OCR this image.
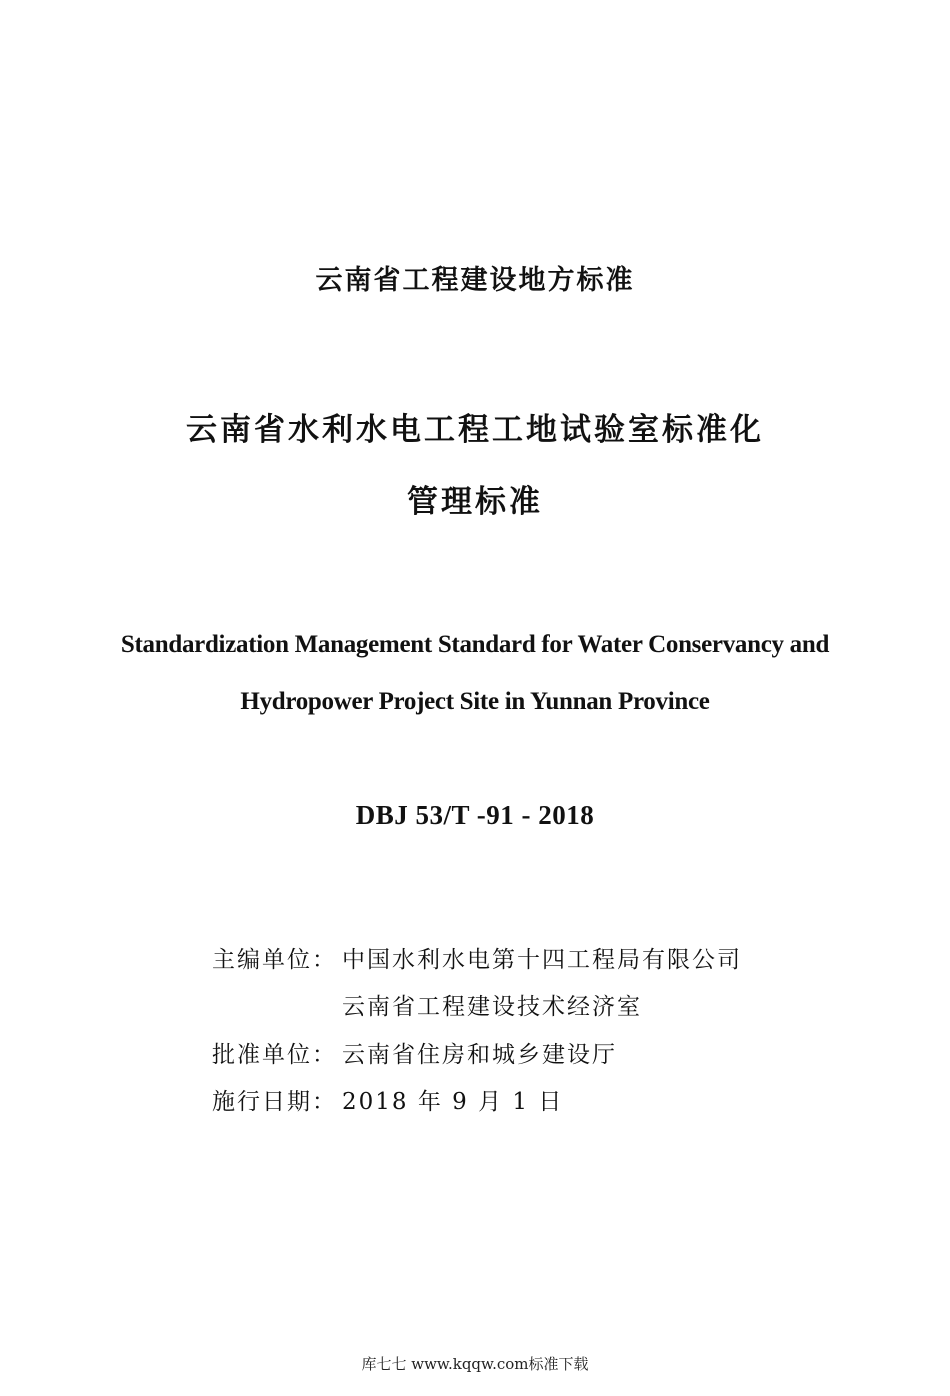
云南省工程建设地方标准
云南省水利水电工程工地试验室标准化
管理标准
Standardization Management Standard for Water Conservancy and
Hydropower Project Site in Yunnan Province
DBJ 53/T -91 - 2018
主编单位： 中国水利水电第十四工程局有限公司
云南省工程建设技术经济室
批准单位： 云南省住房和城乡建设厅
施行日期： 2018 年 9 月 1 日
库七七 www.kqqw.com标准下载
